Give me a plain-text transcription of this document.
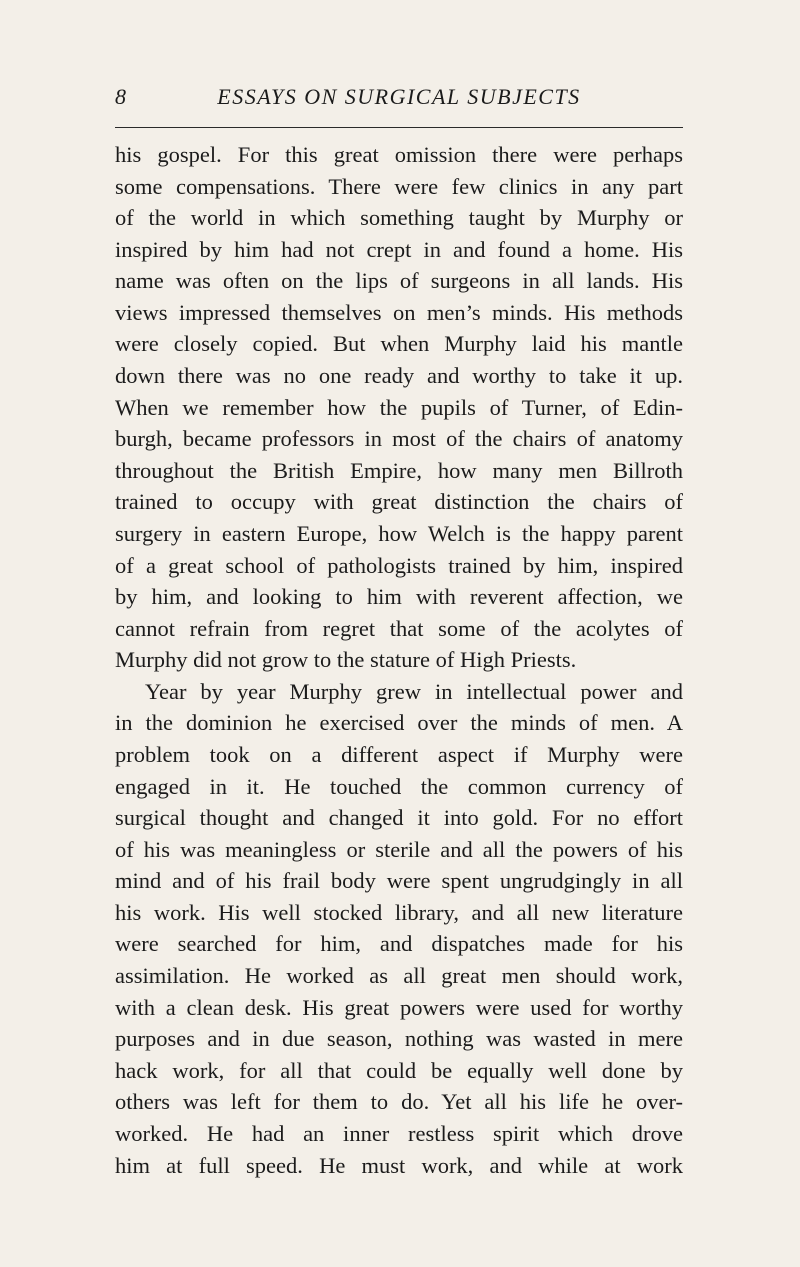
8	ESSAYS ON SURGICAL SUBJECTS
his gospel. For this great omission there were perhaps
some compensations. There were few clinics in any part
of the world in which something taught by Murphy or
inspired by him had not crept in and found a home. His
name was often on the lips of surgeons in all lands. His
views impressed themselves on men’s minds. His methods
were closely copied. But when Murphy laid his mantle
down there was no one ready and worthy to take it up.
When we remember how the pupils of Turner, of Edin-
burgh, became professors in most of the chairs of anatomy
throughout the British Empire, how many men Billroth
trained to occupy with great distinction the chairs of
surgery in eastern Europe, how Welch is the happy parent
of a great school of pathologists trained by him, inspired
by him, and looking to him with reverent affection, we
cannot refrain from regret that some of the acolytes of
Murphy did not grow to the stature of High Priests.
Year by year Murphy grew in intellectual power and
in the dominion he exercised over the minds of men. A
problem took on a different aspect if Murphy were
engaged in it. He touched the common currency of
surgical thought and changed it into gold. For no effort
of his was meaningless or sterile and all the powers of his
mind and of his frail body were spent ungrudgingly in all
his work. His well stocked library, and all new literature
were searched for him, and dispatches made for his
assimilation. He worked as all great men should work,
with a clean desk. His great powers were used for worthy
purposes and in due season, nothing was wasted in mere
hack work, for all that could be equally well done by
others was left for them to do. Yet all his life he over-
worked. He had an inner restless spirit which drove
him at full speed. He must work, and while at work
